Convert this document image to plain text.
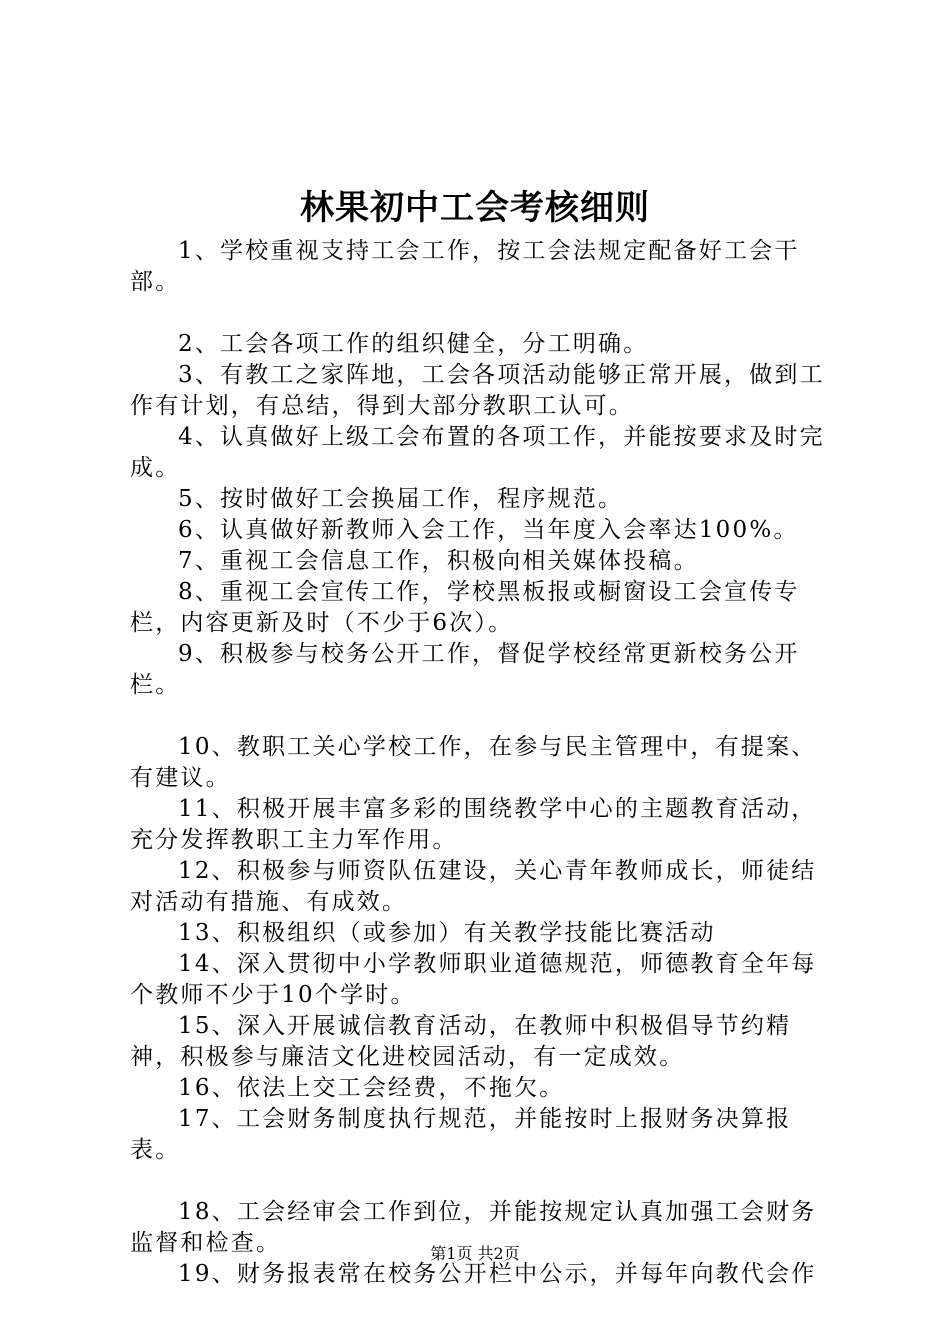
林果初中工会考核细则

1、学校重视支持工会工作，按工会法规定配备好工会干部。

2、工会各项工作的组织健全，分工明确。

3、有教工之家阵地，工会各项活动能够正常开展，做到工作有计划，有总结，得到大部分教职工认可。

4、认真做好上级工会布置的各项工作，并能按要求及时完成。

5、按时做好工会换届工作，程序规范。

6、认真做好新教师入会工作，当年度入会率达100%。

7、重视工会信息工作，积极向相关媒体投稿。

8、重视工会宣传工作，学校黑板报或橱窗设工会宣传专栏，内容更新及时（不少于6次）。

9、积极参与校务公开工作，督促学校经常更新校务公开栏。

10、教职工关心学校工作，在参与民主管理中，有提案、有建议。

11、积极开展丰富多彩的围绕教学中心的主题教育活动，充分发挥教职工主力军作用。

12、积极参与师资队伍建设，关心青年教师成长，师徒结对活动有措施、有成效。

13、积极组织（或参加）有关教学技能比赛活动

14、深入贯彻中小学教师职业道德规范，师德教育全年每个教师不少于10个学时。

15、深入开展诚信教育活动，在教师中积极倡导节约精神，积极参与廉洁文化进校园活动，有一定成效。

16、依法上交工会经费，不拖欠。

17、工会财务制度执行规范，并能按时上报财务决算报表。

18、工会经审会工作到位，并能按规定认真加强工会财务监督和检查。

19、财务报表常在校务公开栏中公示，并每年向教代会作

第1页 共2页
